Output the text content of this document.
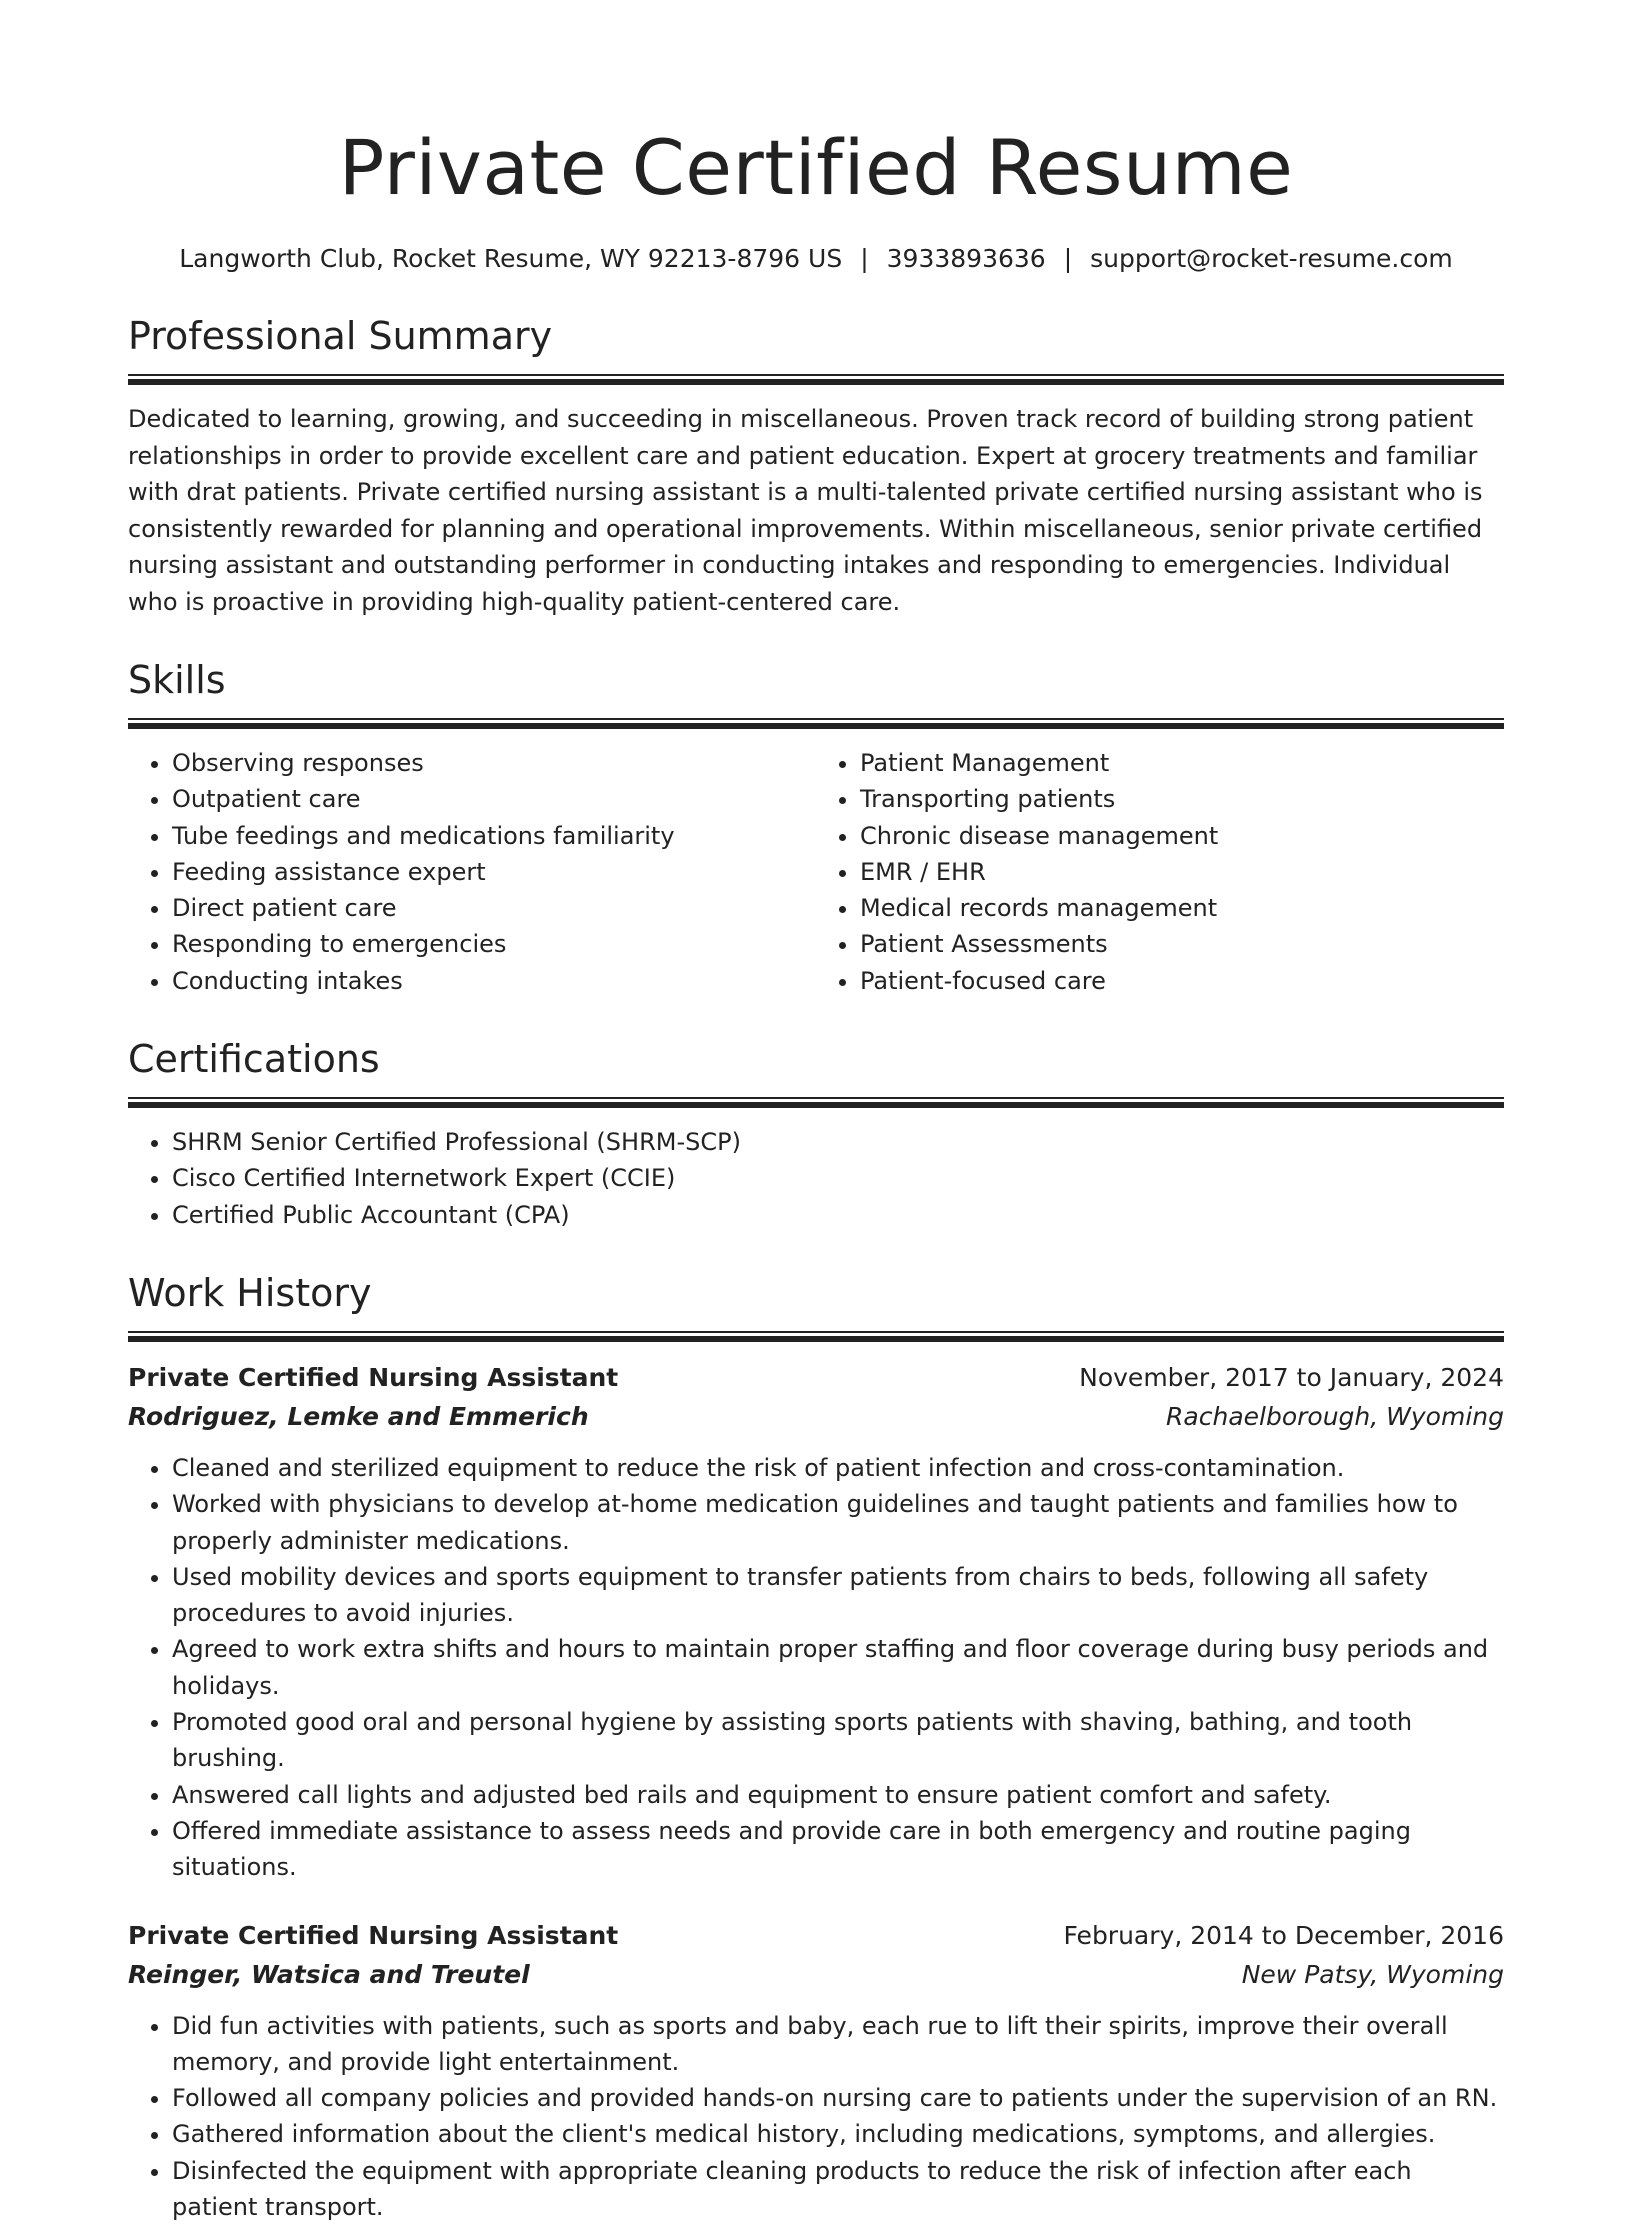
Private Certified Resume
Langworth Club, Rocket Resume, WY 92213-8796 US | 3933893636 | support@rocket-resume.com
Professional Summary

Dedicated to learning, growing, and succeeding in miscellaneous. Proven track record of building strong patient relationships in order to provide excellent care and patient education. Expert at grocery treatments and familiar with drat patients. Private certified nursing assistant is a multi-talented private certified nursing assistant who is consistently rewarded for planning and operational improvements. Within miscellaneous, senior private certified nursing assistant and outstanding performer in conducting intakes and responding to emergencies. Individual who is proactive in providing high-quality patient-centered care.

Skills
• Observing responses
• Outpatient care
• Tube feedings and medications familiarity
• Feeding assistance expert
• Direct patient care
• Responding to emergencies
• Conducting intakes
• Patient Management
• Transporting patients
• Chronic disease management
• EMR / EHR
• Medical records management
• Patient Assessments
• Patient-focused care
Certifications
• SHRM Senior Certified Professional (SHRM-SCP)
• Cisco Certified Internetwork Expert (CCIE)
• Certified Public Accountant (CPA)
Work History
Private Certified Nursing Assistant	November, 2017 to January, 2024
Rodriguez, Lemke and Emmerich	Rachaelborough, Wyoming
• Cleaned and sterilized equipment to reduce the risk of patient infection and cross-contamination.
• Worked with physicians to develop at-home medication guidelines and taught patients and families how to properly administer medications.
• Used mobility devices and sports equipment to transfer patients from chairs to beds, following all safety procedures to avoid injuries.
• Agreed to work extra shifts and hours to maintain proper staffing and floor coverage during busy periods and holidays.
• Promoted good oral and personal hygiene by assisting sports patients with shaving, bathing, and tooth brushing.
• Answered call lights and adjusted bed rails and equipment to ensure patient comfort and safety.
• Offered immediate assistance to assess needs and provide care in both emergency and routine paging situations.
Private Certified Nursing Assistant	February, 2014 to December, 2016
Reinger, Watsica and Treutel	New Patsy, Wyoming
• Did fun activities with patients, such as sports and baby, each rue to lift their spirits, improve their overall memory, and provide light entertainment.
• Followed all company policies and provided hands-on nursing care to patients under the supervision of an RN.
• Gathered information about the client's medical history, including medications, symptoms, and allergies.
• Disinfected the equipment with appropriate cleaning products to reduce the risk of infection after each patient transport.
